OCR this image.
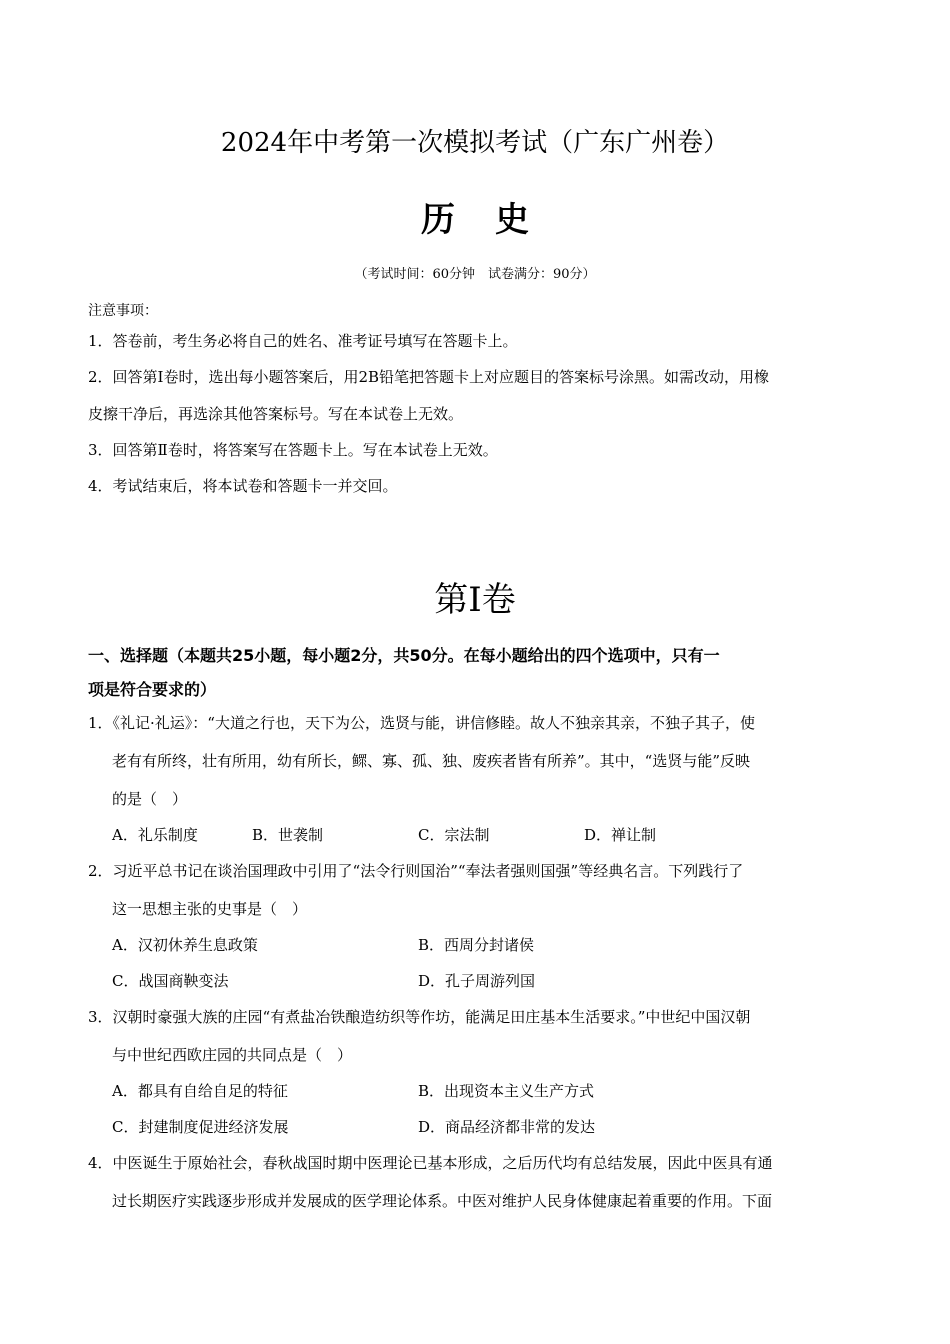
2024年中考第一次模拟考试（广东广州卷）
历史
（考试时间：60分钟　试卷满分：90分）
注意事项：
1．答卷前，考生务必将自己的姓名、准考证号填写在答题卡上。
2．回答第Ⅰ卷时，选出每小题答案后，用2B铅笔把答题卡上对应题目的答案标号涂黑。如需改动，用橡
皮擦干净后，再选涂其他答案标号。写在本试卷上无效。
3．回答第Ⅱ卷时，将答案写在答题卡上。写在本试卷上无效。
4．考试结束后，将本试卷和答题卡一并交回。
第Ⅰ卷
一、选择题（本题共25小题，每小题2分，共50分。在每小题给出的四个选项中，只有一
项是符合要求的）
1．《礼记·礼运》：“大道之行也，天下为公，选贤与能，讲信修睦。故人不独亲其亲，不独子其子，使
老有有所终，壮有所用，幼有所长，鳏、寡、孤、独、废疾者皆有所养”。其中，“选贤与能”反映
的是（　）
A．礼乐制度	B．世袭制	C．宗法制	D．禅让制
2．习近平总书记在谈治国理政中引用了“法令行则国治”“奉法者强则国强”等经典名言。下列践行了
这一思想主张的史事是（　）
A．汉初休养生息政策	B．西周分封诸侯
C．战国商鞅变法	D．孔子周游列国
3．汉朝时豪强大族的庄园“有煮盐冶铁酿造纺织等作坊，能满足田庄基本生活要求。”中世纪中国汉朝
与中世纪西欧庄园的共同点是（　）
A．都具有自给自足的特征	B．出现资本主义生产方式
C．封建制度促进经济发展	D．商品经济都非常的发达
4．中医诞生于原始社会，春秋战国时期中医理论已基本形成，之后历代均有总结发展，因此中医具有通
过长期医疗实践逐步形成并发展成的医学理论体系。中医对维护人民身体健康起着重要的作用。下面
